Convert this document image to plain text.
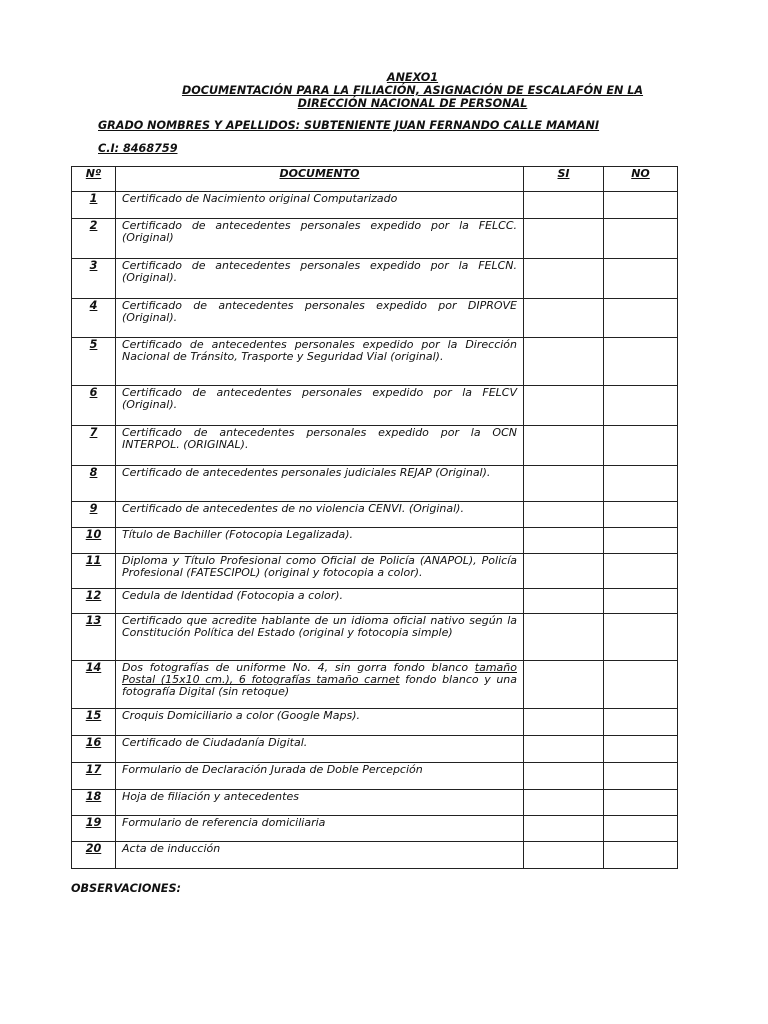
ANEXO1
DOCUMENTACIÓN PARA LA FILIACIÓN, ASIGNACIÓN DE ESCALAFÓN EN LA
DIRECCIÓN NACIONAL DE PERSONAL
GRADO NOMBRES Y APELLIDOS: SUBTENIENTE JUAN FERNANDO CALLE MAMANI
C.I: 8468759
Nº	DOCUMENTO	SI	NO
1	Certificado de Nacimiento original Computarizado		
2	Certificado de antecedentes personales expedido por la FELCC. (Original)		
3	Certificado de antecedentes personales expedido por la FELCN. (Original).		
4	Certificado de antecedentes personales expedido por DIPROVE (Original).		
5	Certificado de antecedentes personales expedido por la Dirección Nacional de Tránsito, Trasporte y Seguridad Vial (original).		
6	Certificado de antecedentes personales expedido por la FELCV (Original).		
7	Certificado de antecedentes personales expedido por la OCN INTERPOL. (ORIGINAL).		
8	Certificado de antecedentes personales judiciales REJAP (Original).		
9	Certificado de antecedentes de no violencia CENVI. (Original).		
10	Título de Bachiller (Fotocopia Legalizada).		
11	Diploma y Título Profesional como Oficial de Policía (ANAPOL), Policía Profesional (FATESCIPOL) (original y fotocopia a color).		
12	Cedula de Identidad (Fotocopia a color).		
13	Certificado que acredite hablante de un idioma oficial nativo según la Constitución Política del Estado (original y fotocopia simple)		
14	Dos fotografías de uniforme No. 4, sin gorra fondo blanco tamaño Postal (15x10 cm.), 6 fotografías tamaño carnet fondo blanco y una fotografía Digital (sin retoque)		
15	Croquis Domiciliario a color (Google Maps).		
16	Certificado de Ciudadanía Digital.		
17	Formulario de Declaración Jurada de Doble Percepción		
18	Hoja de filiación y antecedentes		
19	Formulario de referencia domiciliaria		
20	Acta de inducción		
OBSERVACIONES:
